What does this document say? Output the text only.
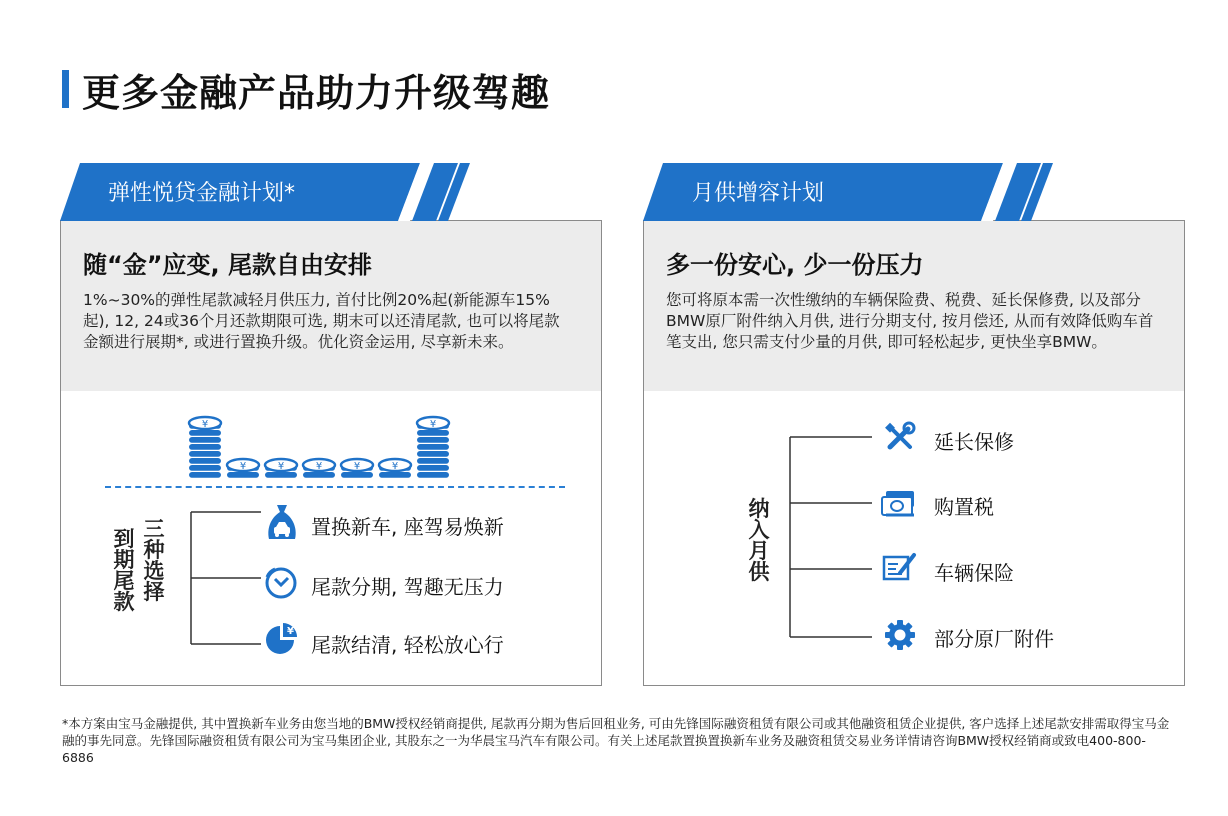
更多金融产品助力升级驾趣
随“金”应变, 尾款自由安排
1%~30%的弹性尾款减轻月供压力, 首付比例20%起(新能源车15%起), 12, 24或36个月还款期限可选, 期末可以还清尾款, 也可以将尾款金额进行展期*, 或进行置换升级。优化资金运用, 尽享新未来。
¥
¥	¥	¥	¥	¥
¥
到期尾款
三种选择
置换新车, 座驾易焕新
尾款分期, 驾趣无压力
¥
尾款结清, 轻松放心行
弹性悦贷金融计划*
多一份安心, 少一份压力
您可将原本需一次性缴纳的车辆保险费、税费、延长保修费, 以及部分BMW原厂附件纳入月供, 进行分期支付, 按月偿还, 从而有效降低购车首笔支出, 您只需支付少量的月供, 即可轻松起步, 更快坐享BMW。
纳入月供
延长保修
购置税
车辆保险
部分原厂附件
月供增容计划
*本方案由宝马金融提供, 其中置换新车业务由您当地的BMW授权经销商提供, 尾款再分期为售后回租业务, 可由先锋国际融资租赁有限公司或其他融资租赁企业提供, 客户选择上述尾款安排需取得宝马金融的事先同意。先锋国际融资租赁有限公司为宝马集团企业, 其股东之一为华晨宝马汽车有限公司。有关上述尾款置换置换新车业务及融资租赁交易业务详情请咨询BMW授权经销商或致电400-800-6886
